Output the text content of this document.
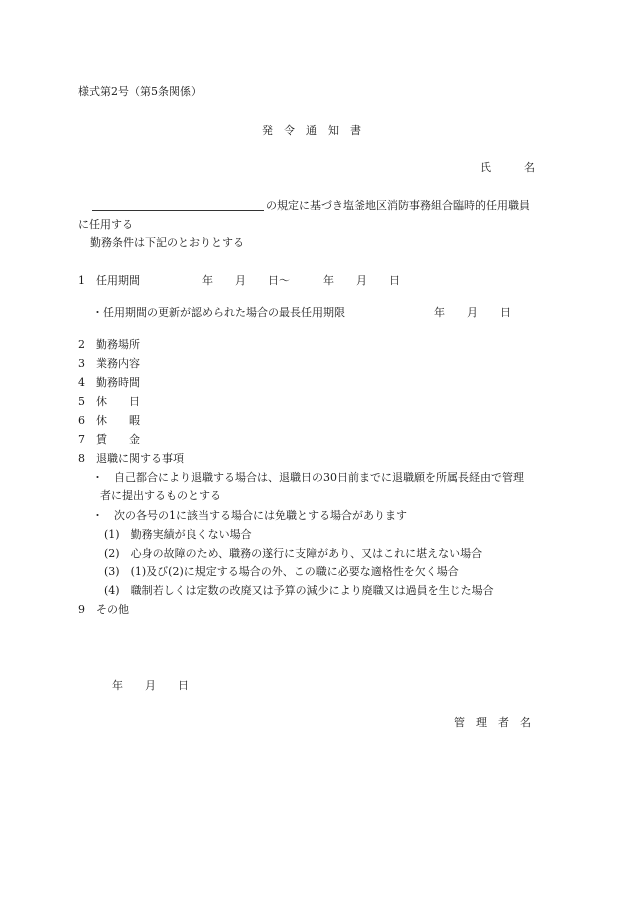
様式第2号（第5条関係）
発　令　通　知　書
氏　　　名
の規定に基づき塩釜地区消防事務組合臨時的任用職員
に任用する
勤務条件は下記のとおりとする
1 任用期間	年　　月　　日～　　　年　　月　　日
・任用期間の更新が認められた場合の最長任用期限	年　　月　　日
2 勤務場所
3 業務内容
4 勤務時間
5 休　　日
6 休　　暇
7 賃　　金
8 退職に関する事項
・　自己都合により退職する場合は、退職日の30日前までに退職願を所属長経由で管理
者に提出するものとする
・　次の各号の1に該当する場合には免職とする場合があります
(1)　勤務実績が良くない場合
(2)　心身の故障のため、職務の遂行に支障があり、又はこれに堪えない場合
(3)　(1)及び(2)に規定する場合の外、この職に必要な適格性を欠く場合
(4)　職制若しくは定数の改廃又は予算の減少により廃職又は過員を生じた場合
9 その他
年　　月　　日
管　理　者　名
